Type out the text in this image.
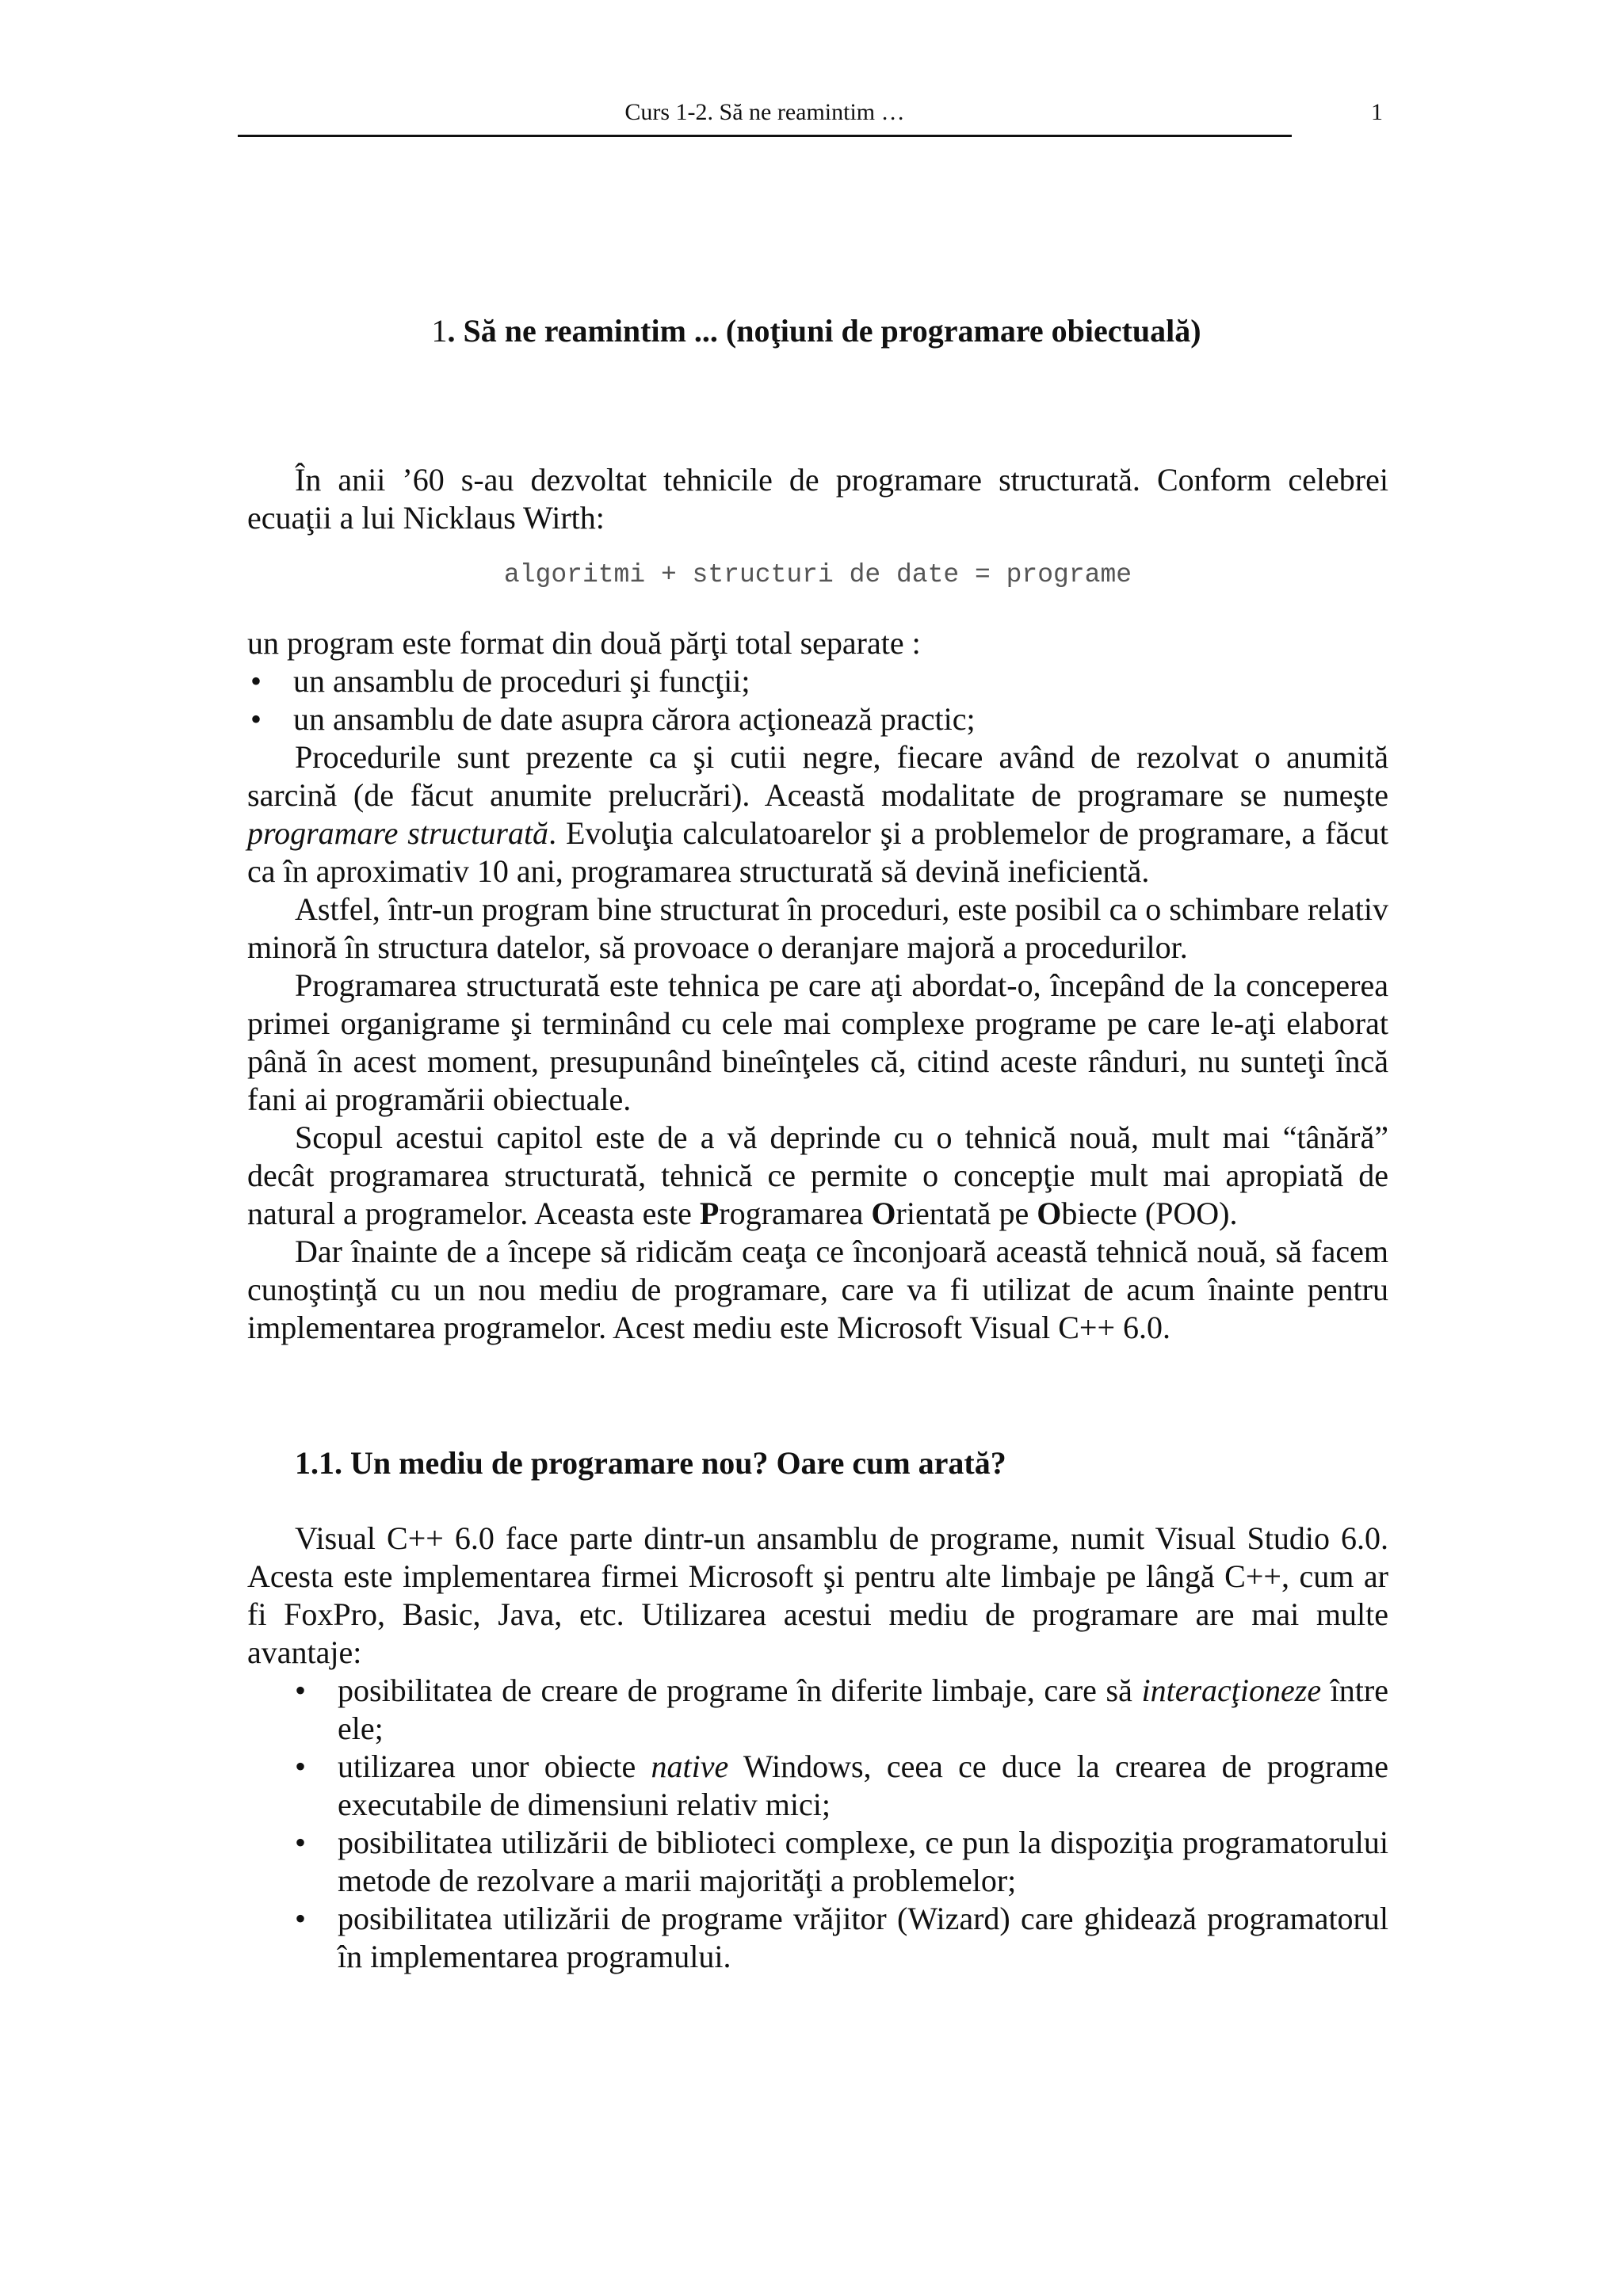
Curs 1-2. Să ne reamintim …	1
1. Să ne reamintim ... (noţiuni de programare obiectuală)

În anii ’60 s-au dezvoltat tehnicile de programare structurată. Conform celebrei ecuaţii a lui Nicklaus Wirth:

algoritmi + structuri de date = programe

un program este format din două părţi total separate :

• un ansamblu de proceduri şi funcţii;
• un ansamblu de date asupra cărora acţionează practic;

Procedurile sunt prezente ca şi cutii negre, fiecare având de rezolvat o anumită sarcină (de făcut anumite prelucrări). Această modalitate de programare se numeşte programare structurată. Evoluţia calculatoarelor şi a problemelor de programare, a făcut ca în aproximativ 10 ani, programarea structurată să devină ineficientă.

Astfel, într-un program bine structurat în proceduri, este posibil ca o schimbare relativ minoră în structura datelor, să provoace o deranjare majoră a procedurilor.

Programarea structurată este tehnica pe care aţi abordat-o, începând de la conceperea primei organigrame şi terminând cu cele mai complexe programe pe care le-aţi elaborat până în acest moment, presupunând bineînţeles că, citind aceste rânduri, nu sunteţi încă fani ai programării obiectuale.

Scopul acestui capitol este de a vă deprinde cu o tehnică nouă, mult mai “tânără” decât programarea structurată, tehnică ce permite o concepţie mult mai apropiată de natural a programelor. Aceasta este Programarea Orientată pe Obiecte (POO).

Dar înainte de a începe să ridicăm ceaţa ce înconjoară această tehnică nouă, să facem cunoştinţă cu un nou mediu de programare, care va fi utilizat de acum înainte pentru implementarea programelor. Acest mediu este Microsoft Visual C++ 6.0.

1.1. Un mediu de programare nou? Oare cum arată?

Visual C++ 6.0 face parte dintr-un ansamblu de programe, numit Visual Studio 6.0. Acesta este implementarea firmei Microsoft şi pentru alte limbaje pe lângă C++, cum ar fi FoxPro, Basic, Java, etc. Utilizarea acestui mediu de programare are mai multe avantaje:

• posibilitatea de creare de programe în diferite limbaje, care să interacţioneze între ele;
• utilizarea unor obiecte native Windows, ceea ce duce la crearea de programe executabile de dimensiuni relativ mici;
• posibilitatea utilizării de biblioteci complexe, ce pun la dispoziţia programatorului metode de rezolvare a marii majorităţi a problemelor;
• posibilitatea utilizării de programe vrăjitor (Wizard) care ghidează programatorul în implementarea programului.
